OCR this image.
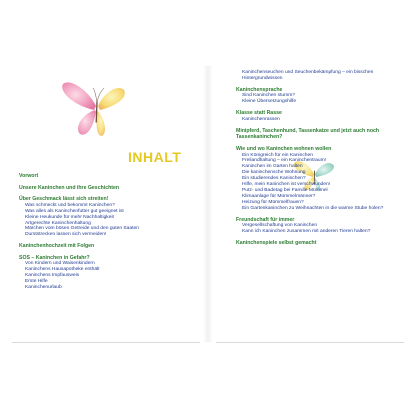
INHALT
Vorwort
Unsere Kaninchen und ihre Geschichten
Über Geschmack lässt sich streiten!
Was schmeckt und bekommt Kaninchen?
Was alles als Kaninchenfutter gut geeignet ist
Kleine Heukunde für mehr Nachhaltigkeit
Artgerechte Kaninchenhaltung
Märchen vom bösen Getreide und den guten Saaten
Durststrecken lassen sich vermeiden!
Kaninchenhochzeit mit Folgen
SOS – Kaninchen in Gefahr?
Von Kindern und Waisenkindern
Kaninchens Hausapotheke enthält
Kaninchens Impfausweis
Erste Hilfe
Kaninchenurlaub
Kaninchenseuchen und Seuchenbekämpfung – ein bisschen
Hintergrundwissen
Kaninchensprache
Sind Kaninchen stumm?
Kleine Übersetzungshilfe
Klasse statt Rasse
Kaninchenrassen
Minipferd, Taschenhund, Tassenkatze und jetzt auch noch
Tassenkaninchen?
Wie und wo Kaninchen wohnen wollen
Ein Königreich für ein Kaninchen
Freilandhaltung – ein Kaninchentraum!
Kaninchen im Garten halten
Die kaninchensche Wohnung
Ein studierendes Kaninchen?
Hilfe, mein Kaninchen ist verschwunden!
Putz- und Badetag bei Familie Mümmel
Klimaanlage für Mümmelmänner?
Heizung für Mümmelfrauen?
Ein Gartenkaninchen zu Weihnachten in die warme Stube holen?
Freundschaft für immer
Vergesellschaftung von Kaninchen
Kann ich Kaninchen zusammen mit anderen Tieren halten?
Kaninchenspiele selbst gemacht
